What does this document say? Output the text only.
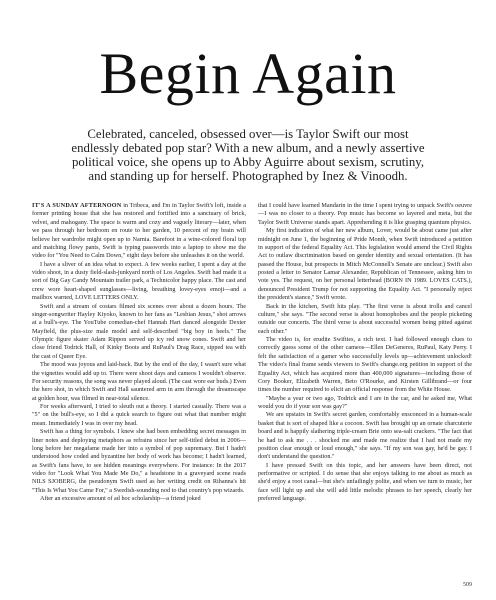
Begin Again
Celebrated, canceled, obsessed over—is Taylor Swift our most
endlessly debated pop star? With a new album, and a newly assertive
political voice, she opens up to Abby Aguirre about sexism, scrutiny,
and standing up for herself. Photographed by Inez & Vinoodh.

IT'S A SUNDAY AFTERNOON in Tribeca, and I'm in Taylor Swift's loft, inside a former printing house that she has restored and fortified into a sanctuary of brick, velvet, and mahogany. The space is warm and cozy and vaguely literary—later, when we pass through her bedroom en route to her garden, 10 percent of my brain will believe her wardrobe might open up to Narnia. Barefoot in a wine-colored floral top and matching flowy pants, Swift is typing passwords into a laptop to show me the video for "You Need to Calm Down," eight days before she unleashes it on the world.

I have a sliver of an idea what to expect. A few weeks earlier, I spent a day at the video shoot, in a dusty field-slash-junkyard north of Los Angeles. Swift had made it a sort of Big Gay Candy Mountain trailer park, a Technicolor happy place. The cast and crew wore heart-shaped sunglasses—living, breathing lovey-eyes emoji—and a mailbox warned, LOVE LETTERS ONLY.

Swift and a stream of costars filmed six scenes over about a dozen hours. The singer-songwriter Hayley Kiyoko, known to her fans as "Lesbian Jesus," shot arrows at a bull's-eye. The YouTube comedian-chef Hannah Hart danced alongside Dexter Mayfield, the plus-size male model and self-described "big boy in heels." The Olympic figure skater Adam Rippon served up icy red snow cones. Swift and her close friend Todrick Hall, of Kinky Boots and RuPaul's Drag Race, sipped tea with the cast of Queer Eye.

The mood was joyous and laid-back. But by the end of the day, I wasn't sure what the vignettes would add up to. There were shoot days and cameos I wouldn't observe. For security reasons, the song was never played aloud. (The cast wore ear buds.) Even the hero shot, in which Swift and Hall sauntered arm in arm through the dreamscape at golden hour, was filmed in near-total silence.

For weeks afterward, I tried to sleuth out a theory. I started casually. There was a "5" on the bull's-eye, so I did a quick search to figure out what that number might mean. Immediately I was in over my head.

Swift has a thing for symbols. I knew she had been embedding secret messages in liner notes and deploying metaphors as refrains since her self-titled debut in 2006—long before her megafame made her into a symbol of pop supremacy. But I hadn't understood how coded and byzantine her body of work has become; I hadn't learned, as Swift's fans have, to see hidden meanings everywhere. For instance: In the 2017 video for "Look What You Made Me Do," a headstone in a graveyard scene reads NILS SJOBERG, the pseudonym Swift used as her writing credit on Rihanna's hit "This Is What You Came For," a Swedish-sounding nod to that country's pop wizards.

After an excessive amount of ad hoc scholarship—a friend joked

that I could have learned Mandarin in the time I spent trying to unpack Swift's oeuvre—I was no closer to a theory. Pop music has become so layered and meta, but the Taylor Swift Universe stands apart. Apprehending it is like grasping quantum physics.

My first indication of what her new album, Lover, would be about came just after midnight on June 1, the beginning of Pride Month, when Swift introduced a petition in support of the federal Equality Act. This legislation would amend the Civil Rights Act to outlaw discrimination based on gender identity and sexual orientation. (It has passed the House, but prospects in Mitch McConnell's Senate are unclear.) Swift also posted a letter to Senator Lamar Alexander, Republican of Tennessee, asking him to vote yes. The request, on her personal letterhead (BORN IN 1989. LOVES CATS.), denounced President Trump for not supporting the Equality Act. "I personally reject the president's stance," Swift wrote.

Back in the kitchen, Swift hits play. "The first verse is about trolls and cancel culture," she says. "The second verse is about homophobes and the people picketing outside our concerts. The third verse is about successful women being pitted against each other."

The video is, for erudite Swifties, a rich text. I had followed enough clues to correctly guess some of the other cameos—Ellen DeGeneres, RuPaul, Katy Perry. I felt the satisfaction of a gamer who successfully levels up—achievement unlocked! The video's final frame sends viewers to Swift's change.org petition in support of the Equality Act, which has acquired more than 400,000 signatures—including those of Cory Booker, Elizabeth Warren, Beto O'Rourke, and Kirsten Gillibrand—or four times the number required to elicit an official response from the White House.

"Maybe a year or two ago, Todrick and I are in the car, and he asked me, What would you do if your son was gay?"

We are upstairs in Swift's secret garden, comfortably ensconced in a human-scale basket that is sort of shaped like a cocoon. Swift has brought up an ornate charcuterie board and is happily slathering triple-cream Brie onto sea-salt crackers. "The fact that he had to ask me . . . shocked me and made me realize that I had not made my position clear enough or loud enough," she says. "If my son was gay, he'd be gay. I don't understand the question."

I have pressed Swift on this topic, and her answers have been direct, not performative or scripted. I do sense that she enjoys talking to me about as much as she'd enjoy a root canal—but she's unfailingly polite, and when we turn to music, her face will light up and she will add little melodic phrases to her speech, clearly her preferred language.

509
